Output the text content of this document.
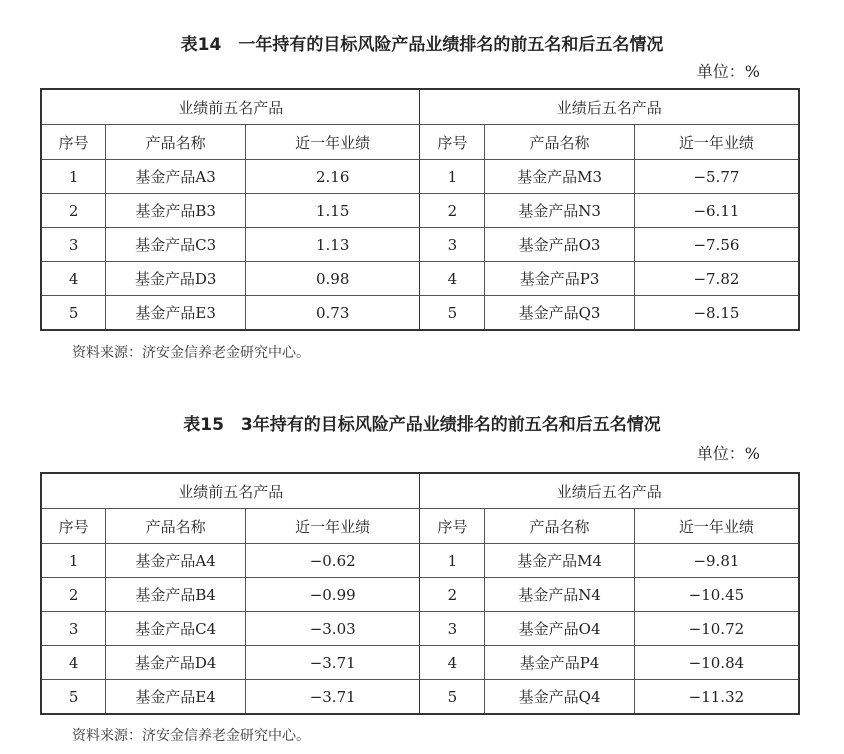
表14　一年持有的目标风险产品业绩排名的前五名和后五名情况
单位：%
业绩前五名产品			业绩后五名产品		
序号	产品名称	近一年业绩	序号	产品名称	近一年业绩
1	基金产品A3	2.16	1	基金产品M3	−5.77
2	基金产品B3	1.15	2	基金产品N3	−6.11
3	基金产品C3	1.13	3	基金产品O3	−7.56
4	基金产品D3	0.98	4	基金产品P3	−7.82
5	基金产品E3	0.73	5	基金产品Q3	−8.15
资料来源：济安金信养老金研究中心。
表15　3年持有的目标风险产品业绩排名的前五名和后五名情况
单位：%
业绩前五名产品			业绩后五名产品		
序号	产品名称	近一年业绩	序号	产品名称	近一年业绩
1	基金产品A4	−0.62	1	基金产品M4	−9.81
2	基金产品B4	−0.99	2	基金产品N4	−10.45
3	基金产品C4	−3.03	3	基金产品O4	−10.72
4	基金产品D4	−3.71	4	基金产品P4	−10.84
5	基金产品E4	−3.71	5	基金产品Q4	−11.32
资料来源：济安金信养老金研究中心。
